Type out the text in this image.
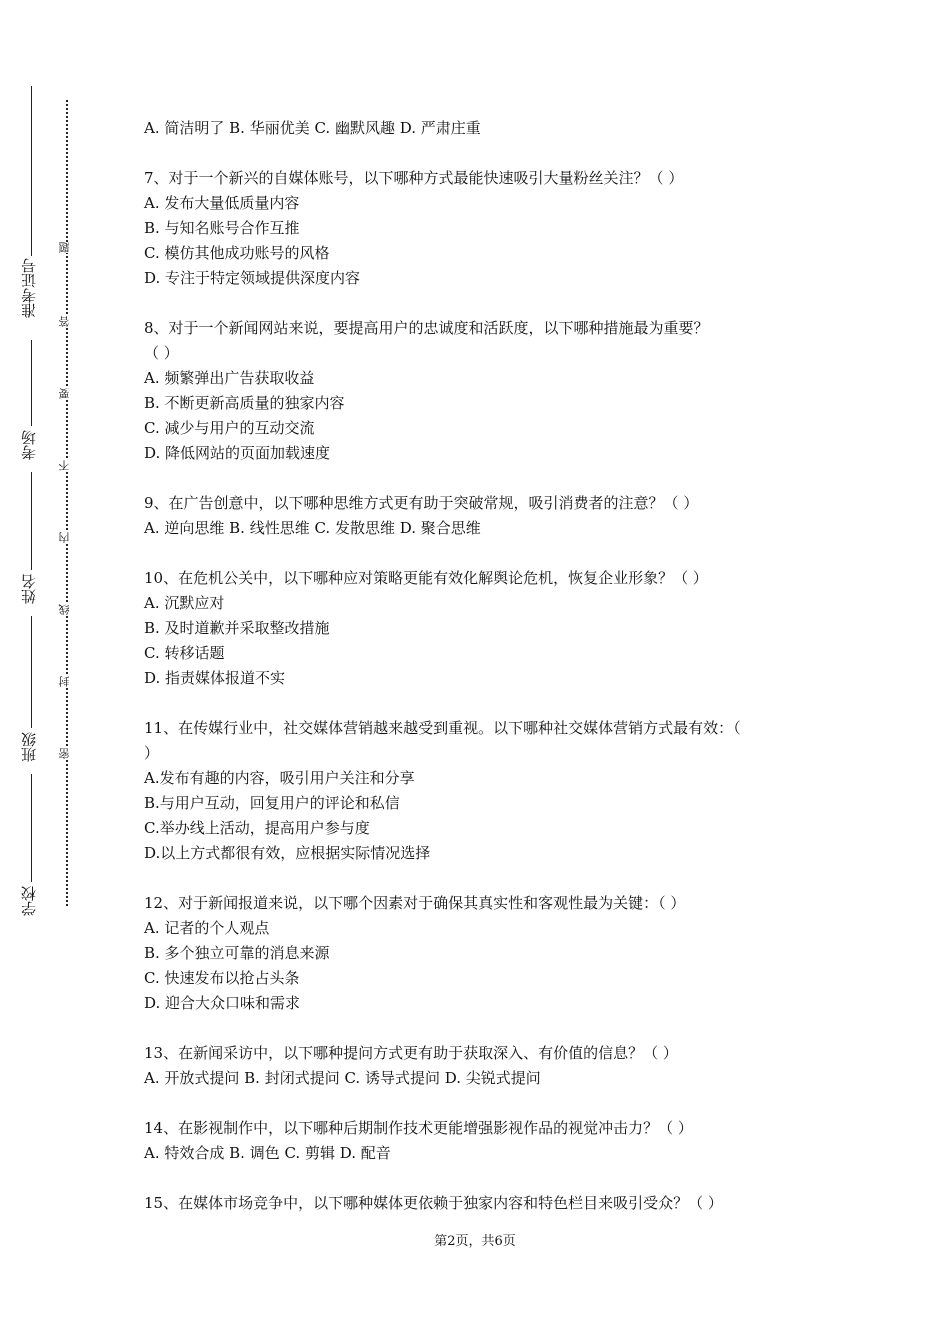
准考证号
考场
姓名
班级
学校
题
答
要
不
内
线
封
密
A. 简洁明了 B. 华丽优美 C. 幽默风趣 D. 严肃庄重
7、对于一个新兴的自媒体账号，以下哪种方式最能快速吸引大量粉丝关注？（ ）
A. 发布大量低质量内容
B. 与知名账号合作互推
C. 模仿其他成功账号的风格
D. 专注于特定领域提供深度内容
8、对于一个新闻网站来说，要提高用户的忠诚度和活跃度，以下哪种措施最为重要？
（ ）
A. 频繁弹出广告获取收益
B. 不断更新高质量的独家内容
C. 减少与用户的互动交流
D. 降低网站的页面加载速度
9、在广告创意中，以下哪种思维方式更有助于突破常规，吸引消费者的注意？（ ）
A. 逆向思维 B. 线性思维 C. 发散思维 D. 聚合思维
10、在危机公关中，以下哪种应对策略更能有效化解舆论危机，恢复企业形象？（ ）
A. 沉默应对
B. 及时道歉并采取整改措施
C. 转移话题
D. 指责媒体报道不实
11、在传媒行业中，社交媒体营销越来越受到重视。以下哪种社交媒体营销方式最有效：（
）
A.发布有趣的内容，吸引用户关注和分享
B.与用户互动，回复用户的评论和私信
C.举办线上活动，提高用户参与度
D.以上方式都很有效，应根据实际情况选择
12、对于新闻报道来说，以下哪个因素对于确保其真实性和客观性最为关键：（ ）
A. 记者的个人观点
B. 多个独立可靠的消息来源
C. 快速发布以抢占头条
D. 迎合大众口味和需求
13、在新闻采访中，以下哪种提问方式更有助于获取深入、有价值的信息？（ ）
A. 开放式提问 B. 封闭式提问 C. 诱导式提问 D. 尖锐式提问
14、在影视制作中，以下哪种后期制作技术更能增强影视作品的视觉冲击力？（ ）
A. 特效合成 B. 调色 C. 剪辑 D. 配音
15、在媒体市场竞争中，以下哪种媒体更依赖于独家内容和特色栏目来吸引受众？（ ）
第2页，共6页
